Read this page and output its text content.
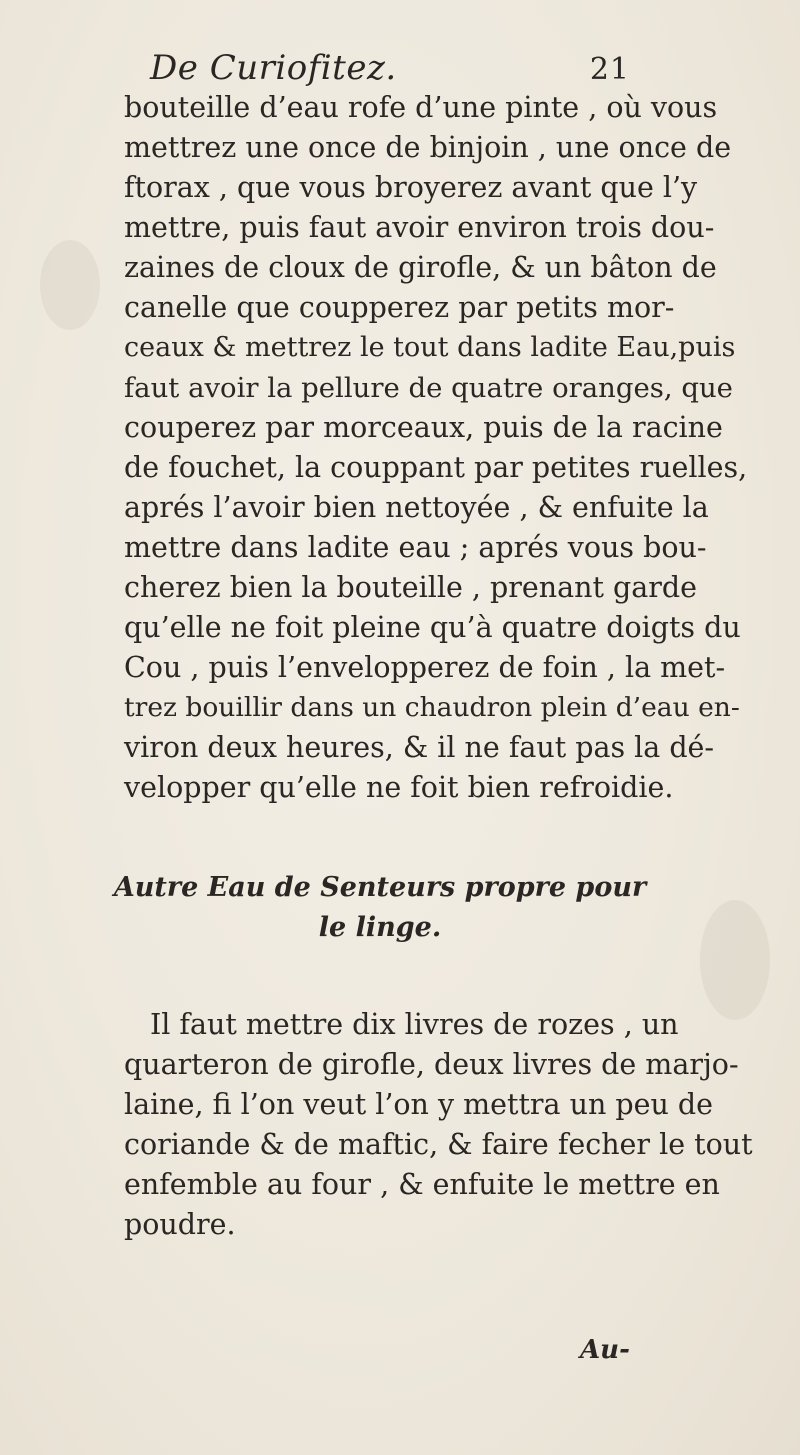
De Curiofitez.	21
bouteille d’eau rofe d’une pinte , où vous
mettrez une once de binjoin , une once de
ftorax , que vous broyerez avant que l’y
mettre, puis faut avoir environ trois dou-
zaines de cloux de girofle, & un bâton de
canelle que coupperez par petits mor-
ceaux & mettrez le tout dans ladite Eau,puis
faut avoir la pellure de quatre oranges, que
couperez par morceaux, puis de la racine
de fouchet, la couppant par petites ruelles,
aprés l’avoir bien nettoyée , & enfuite la
mettre dans ladite eau ; aprés vous bou-
cherez bien la bouteille , prenant garde
qu’elle ne foit pleine qu’à quatre doigts du
Cou , puis l’envelopperez de foin , la met-
trez bouillir dans un chaudron plein d’eau en-
viron deux heures, & il ne faut pas la dé-
velopper qu’elle ne foit bien refroidie.
Autre Eau de Senteurs propre pour
le linge.
Il faut mettre dix livres de rozes , un
quarteron de girofle, deux livres de marjo-
laine, fi l’on veut l’on y mettra un peu de
coriande & de maftic, & faire fecher le tout
enfemble au four , & enfuite le mettre en
poudre.
Au-
